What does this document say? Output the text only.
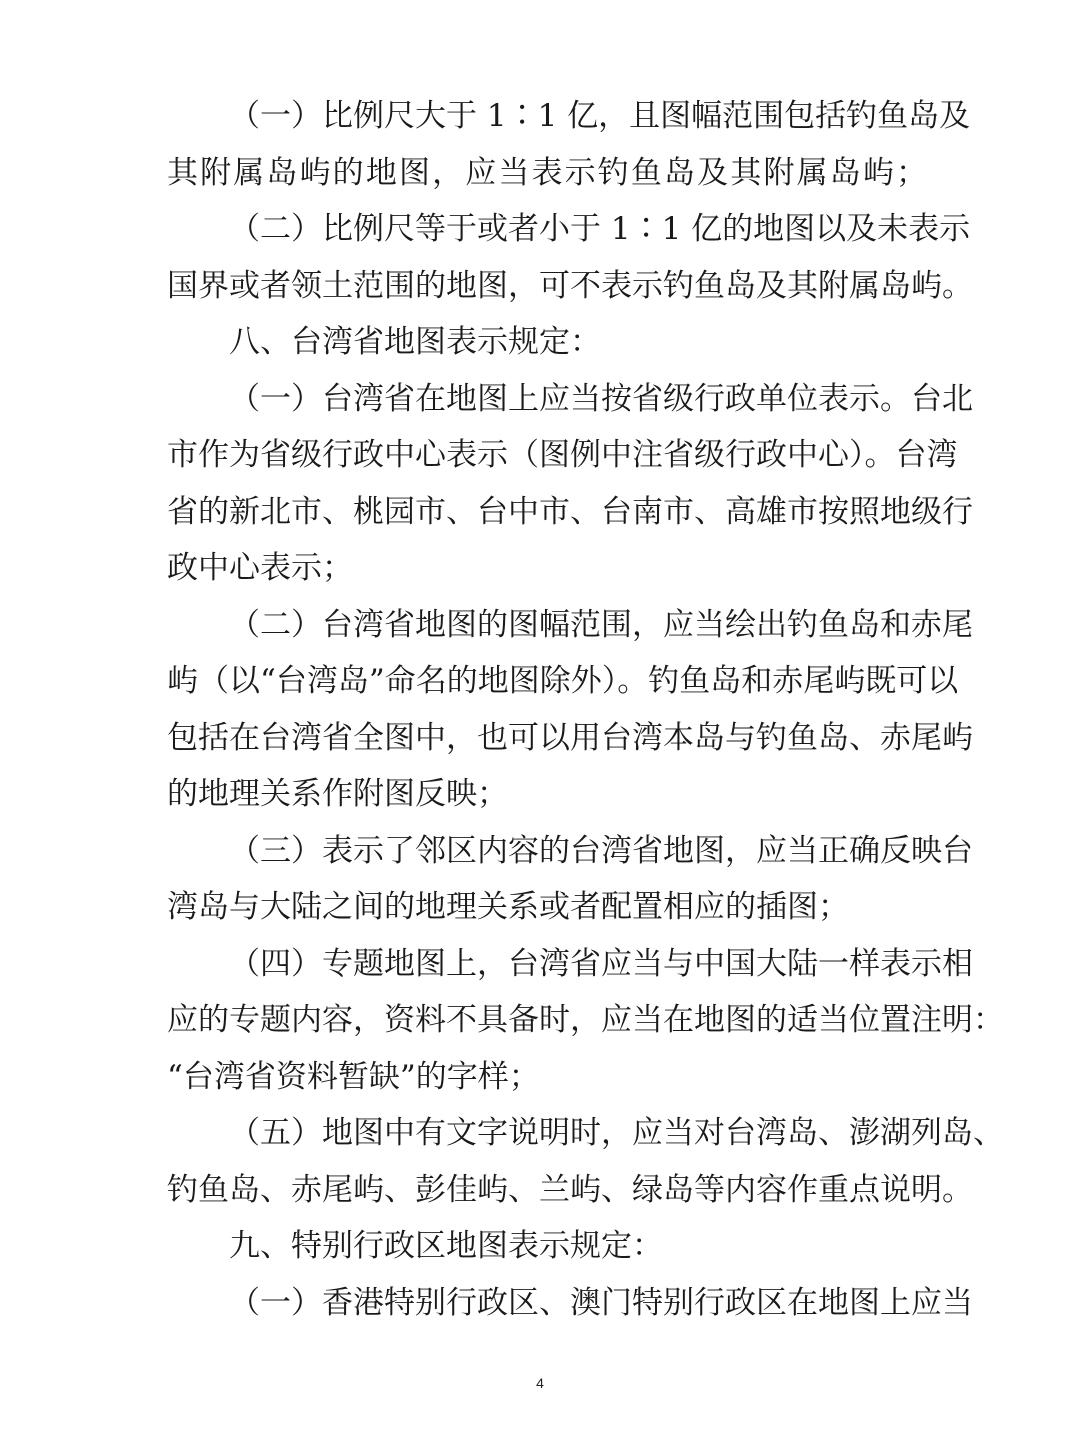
（一）比例尺大于 1∶1 亿，且图幅范围包括钓鱼岛及
其附属岛屿的地图，应当表示钓鱼岛及其附属岛屿；
（二）比例尺等于或者小于 1∶1 亿的地图以及未表示
国界或者领土范围的地图，可不表示钓鱼岛及其附属岛屿。
八、台湾省地图表示规定：
（一）台湾省在地图上应当按省级行政单位表示。台北
市作为省级行政中心表示（图例中注省级行政中心）。台湾
省的新北市、桃园市、台中市、台南市、高雄市按照地级行
政中心表示；
（二）台湾省地图的图幅范围，应当绘出钓鱼岛和赤尾
屿（以“台湾岛”命名的地图除外）。钓鱼岛和赤尾屿既可以
包括在台湾省全图中，也可以用台湾本岛与钓鱼岛、赤尾屿
的地理关系作附图反映；
（三）表示了邻区内容的台湾省地图，应当正确反映台
湾岛与大陆之间的地理关系或者配置相应的插图；
（四）专题地图上，台湾省应当与中国大陆一样表示相
应的专题内容，资料不具备时，应当在地图的适当位置注明：
“台湾省资料暂缺”的字样；
（五）地图中有文字说明时，应当对台湾岛、澎湖列岛、
钓鱼岛、赤尾屿、彭佳屿、兰屿、绿岛等内容作重点说明。
九、特别行政区地图表示规定：
（一）香港特别行政区、澳门特别行政区在地图上应当
4
